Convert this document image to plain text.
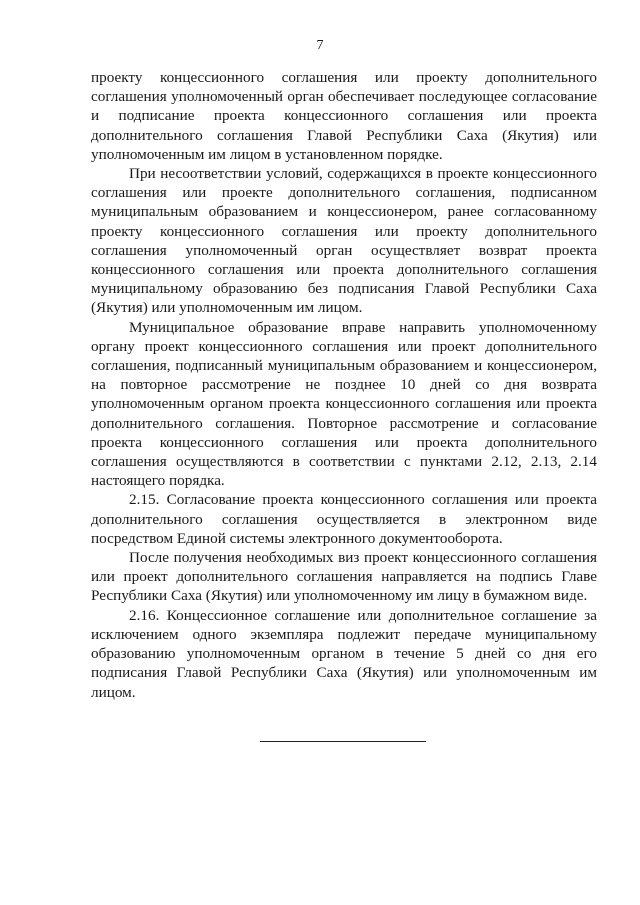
7

проекту концессионного соглашения или проекту дополнительного соглашения уполномоченный орган обеспечивает последующее согласование и подписание проекта концессионного соглашения или проекта дополнительного соглашения Главой Республики Саха (Якутия) или уполномоченным им лицом в установленном порядке.

При несоответствии условий, содержащихся в проекте концессионного соглашения или проекте дополнительного соглашения, подписанном муниципальным образованием и концессионером, ранее согласованному проекту концессионного соглашения или проекту дополнительного соглашения уполномоченный орган осуществляет возврат проекта концессионного соглашения или проекта дополнительного соглашения муниципальному образованию без подписания Главой Республики Саха (Якутия) или уполномоченным им лицом.

Муниципальное образование вправе направить уполномоченному органу проект концессионного соглашения или проект дополнительного соглашения, подписанный муниципальным образованием и концессионером, на повторное рассмотрение не позднее 10 дней со дня возврата уполномоченным органом проекта концессионного соглашения или проекта дополнительного соглашения. Повторное рассмотрение и согласование проекта концессионного соглашения или проекта дополнительного соглашения осуществляются в соответствии с пунктами 2.12, 2.13, 2.14 настоящего порядка.

2.15. Согласование проекта концессионного соглашения или проекта дополнительного соглашения осуществляется в электронном виде посредством Единой системы электронного документооборота.

После получения необходимых виз проект концессионного соглашения или проект дополнительного соглашения направляется на подпись Главе Республики Саха (Якутия) или уполномоченному им лицу в бумажном виде.

2.16. Концессионное соглашение или дополнительное соглашение за исключением одного экземпляра подлежит передаче муниципальному образованию уполномоченным органом в течение 5 дней со дня его подписания Главой Республики Саха (Якутия) или уполномоченным им лицом.
